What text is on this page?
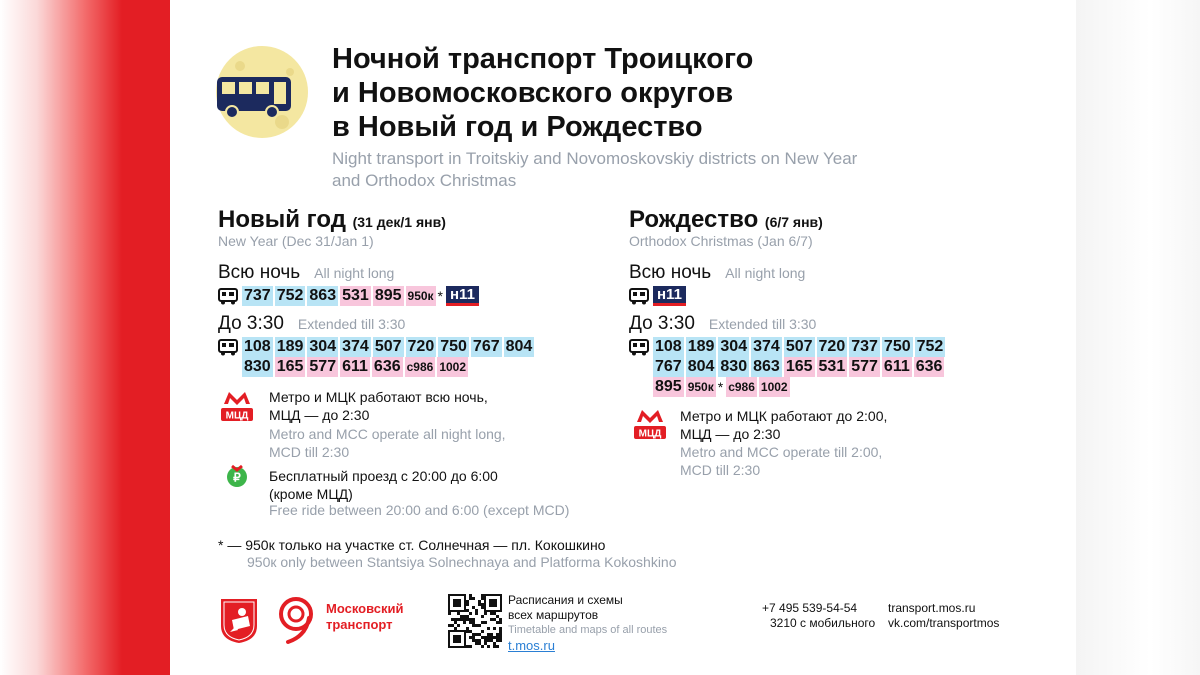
Ночной транспорт Троицкого
и Новомосковского округов
в Новый год и Рождество
Night transport in Troitskiy and Novomoskovskiy districts on New Year
and Orthodox Christmas
Новый год (31 дек/1 янв)
New Year (Dec 31/Jan 1)
Всю ночь All night long
737 752 863 531 895 950к * н11
До 3:30 Extended till 3:30
108 189 304 374 507 720 750 767 804
830 165 577 611 636 с986 1002
МЦД
Метро и МЦК работают всю ночь,
МЦД — до 2:30
Metro and MCC operate all night long,
MCD till 2:30
₽ Бесплатный проезд с 20:00 до 6:00
(кроме МЦД)
Free ride between 20:00 and 6:00 (except MCD)
Рождество (6/7 янв)
Orthodox Christmas (Jan 6/7)
Всю ночь All night long
н11
До 3:30 Extended till 3:30
108 189 304 374 507 720 737 750 752
767 804 830 863 165 531 577 611 636
895 950к * с986 1002
МЦД
Метро и МЦК работают до 2:00,
МЦД — до 2:30
Metro and MCC operate till 2:00,
MCD till 2:30
* — 950к только на участке ст. Солнечная — пл. Кокошкино
950к only between Stantsiya Solnechnaya and Platforma Kokoshkino
Московский
транспорт
Расписания и схемы
всех маршрутов
Timetable and maps of all routes
t.mos.ru
+7 495 539-54-54
3210 с мобильного
transport.mos.ru
vk.com/transportmos
